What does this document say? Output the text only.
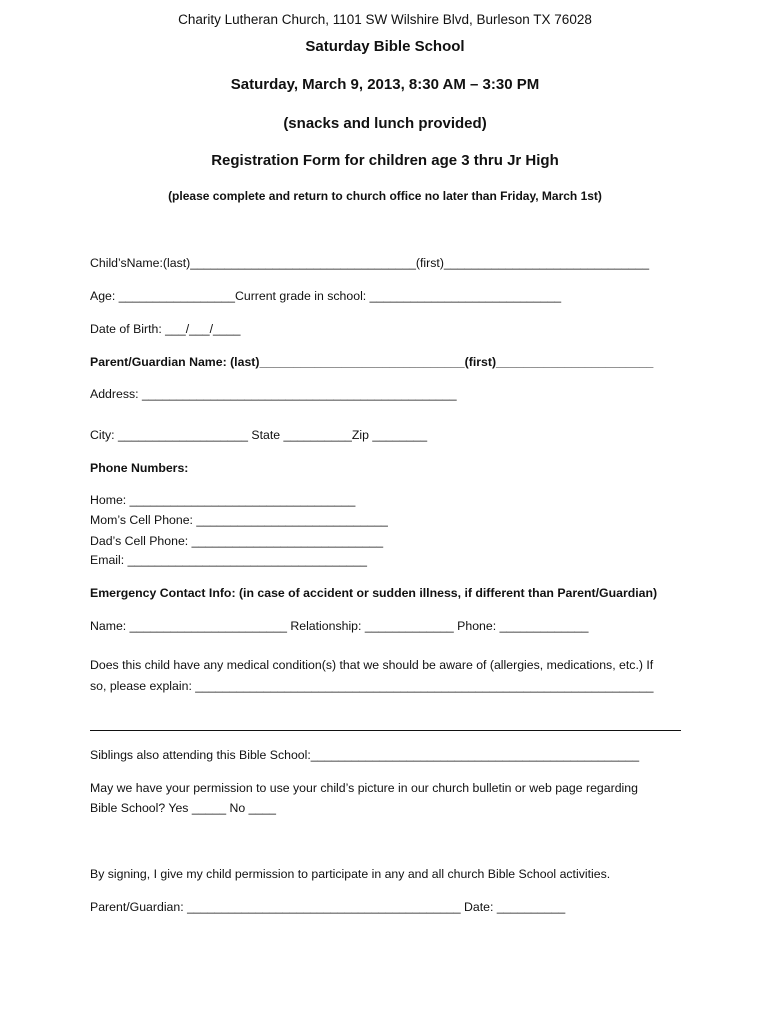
Charity Lutheran Church, 1101 SW Wilshire Blvd, Burleson TX 76028
Saturday Bible School
Saturday, March 9, 2013, 8:30 AM – 3:30 PM
(snacks and lunch provided)
Registration Form for children age 3 thru Jr High
(please complete and return to church office no later than Friday, March 1st)
Child’sName:(last)_________________________________(first)______________________________
Age: _________________Current grade in school: ____________________________
Date of Birth: ___/___/____
Parent/Guardian Name: (last)______________________________(first)_______________________
Address: ______________________________________________
City: ___________________ State __________Zip ________
Phone Numbers:
Home: _________________________________
Mom’s Cell Phone: ____________________________
Dad’s Cell Phone: ____________________________
Email: ___________________________________
Emergency Contact Info: (in case of accident or sudden illness, if different than Parent/Guardian)
Name: _______________________ Relationship: _____________ Phone: _____________
Does this child have any medical condition(s) that we should be aware of (allergies, medications, etc.) If
so, please explain: ___________________________________________________________________
Siblings also attending this Bible School:________________________________________________
May we have your permission to use your child’s picture in our church bulletin or web page regarding
Bible School? Yes _____ No ____
By signing, I give my child permission to participate in any and all church Bible School activities.
Parent/Guardian: ________________________________________ Date: __________
